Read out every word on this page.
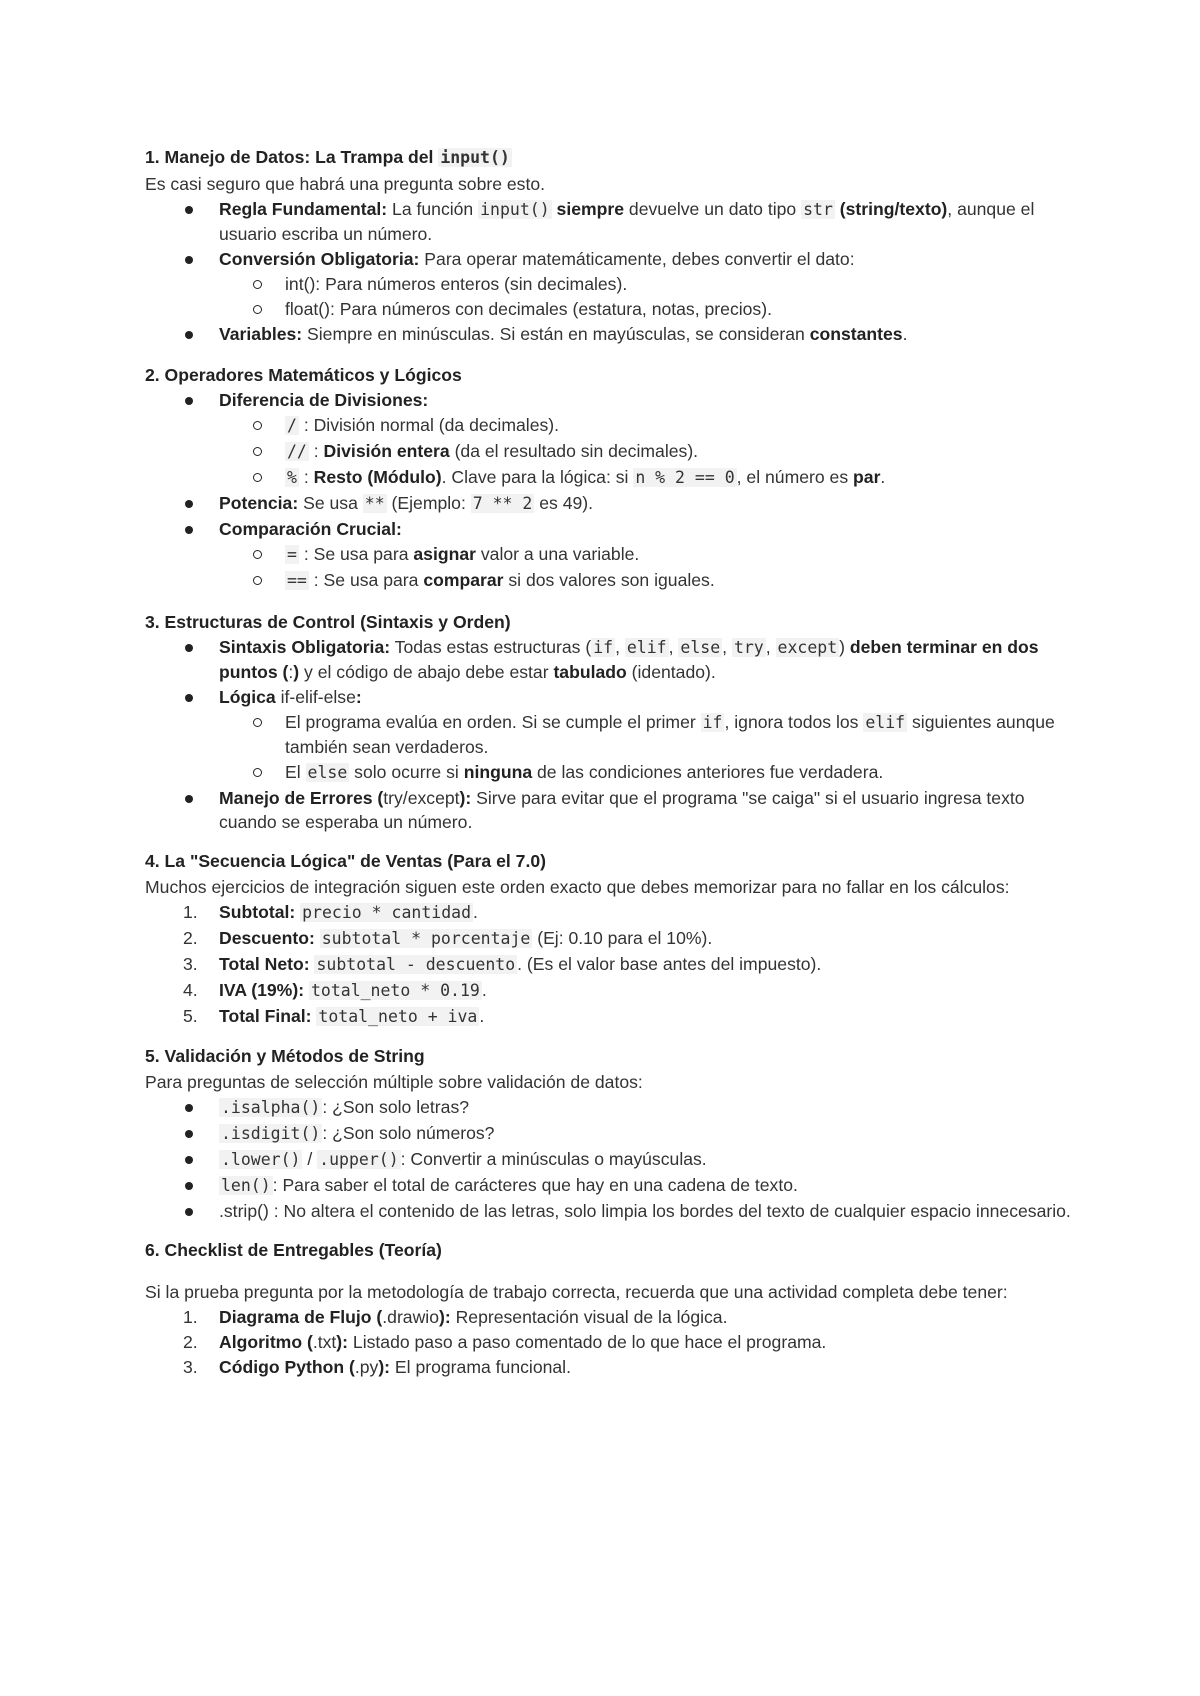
1. Manejo de Datos: La Trampa del input()

Es casi seguro que habrá una pregunta sobre esto.

Regla Fundamental: La función input() siempre devuelve un dato tipo str (string/texto), aunque el usuario escriba un número.
Conversión Obligatoria: Para operar matemáticamente, debes convertir el dato:
int(): Para números enteros (sin decimales).
float(): Para números con decimales (estatura, notas, precios).
Variables: Siempre en minúsculas. Si están en mayúsculas, se consideran constantes.
2. Operadores Matemáticos y Lógicos
Diferencia de Divisiones:
/ : División normal (da decimales).
// : División entera (da el resultado sin decimales).
% : Resto (Módulo). Clave para la lógica: si n % 2 == 0 , el número es par.
Potencia: Se usa ** (Ejemplo: 7 ** 2 es 49).
Comparación Crucial:
= : Se usa para asignar valor a una variable.
== : Se usa para comparar si dos valores son iguales.
3. Estructuras de Control (Sintaxis y Orden)
Sintaxis Obligatoria: Todas estas estructuras ( if , elif , else , try , except ) deben terminar en dos puntos (:) y el código de abajo debe estar tabulado (identado).
Lógica if-elif-else:
El programa evalúa en orden. Si se cumple el primer if , ignora todos los elif siguientes aunque también sean verdaderos.
El else solo ocurre si ninguna de las condiciones anteriores fue verdadera.
Manejo de Errores (try/except): Sirve para evitar que el programa "se caiga" si el usuario ingresa texto cuando se esperaba un número.
4. La "Secuencia Lógica" de Ventas (Para el 7.0)

Muchos ejercicios de integración siguen este orden exacto que debes memorizar para no fallar en los cálculos:

1.	Subtotal: precio * cantidad .
2.	Descuento: subtotal * porcentaje (Ej: 0.10 para el 10%).
3.	Total Neto: subtotal - descuento . (Es el valor base antes del impuesto).
4.	IVA (19%): total_neto * 0.19 .
5.	Total Final: total_neto + iva .
5. Validación y Métodos de String

Para preguntas de selección múltiple sobre validación de datos:

.isalpha() : ¿Son solo letras?
.isdigit() : ¿Son solo números?
.lower() / .upper() : Convertir a minúsculas o mayúsculas.
len() : Para saber el total de carácteres que hay en una cadena de texto.
.strip() : No altera el contenido de las letras, solo limpia los bordes del texto de cualquier espacio innecesario.
6. Checklist de Entregables (Teoría)

Si la prueba pregunta por la metodología de trabajo correcta, recuerda que una actividad completa debe tener:

1.	Diagrama de Flujo (.drawio): Representación visual de la lógica.
2.	Algoritmo (.txt): Listado paso a paso comentado de lo que hace el programa.
3.	Código Python (.py): El programa funcional.
